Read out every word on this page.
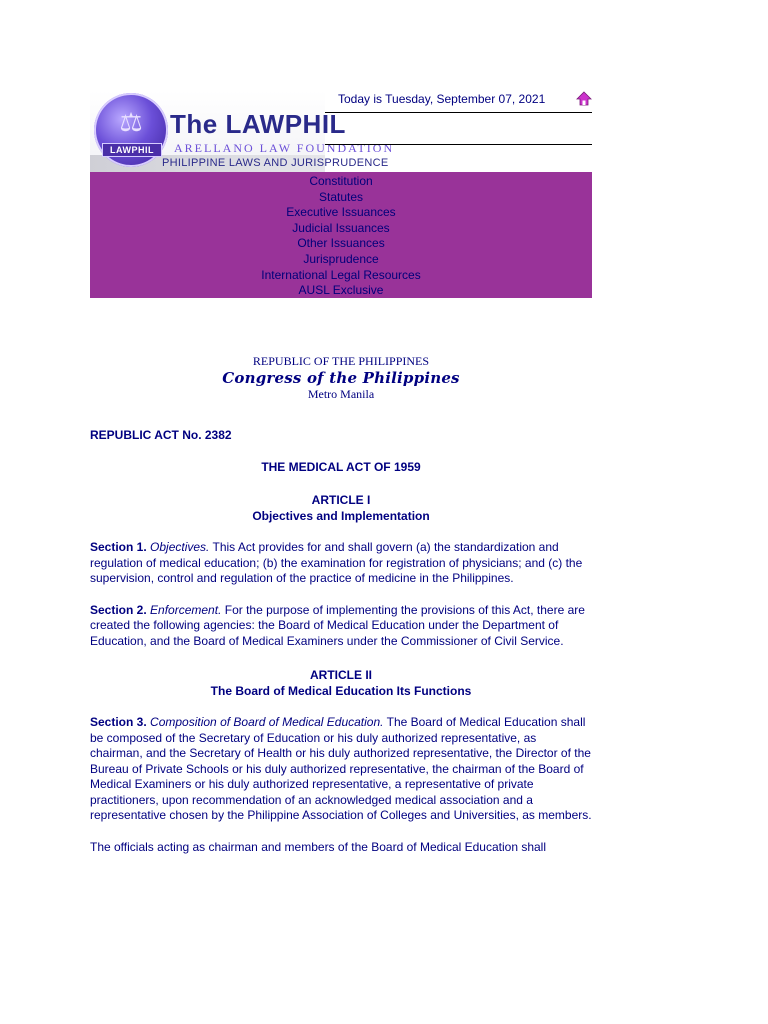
⚖
LAWPHIL
The LAWPHIL
ARELLANO LAW FOUNDATION
PHILIPPINE LAWS AND JURISPRUDENCE
Today is Tuesday, September 07, 2021
Constitution
Statutes
Executive Issuances
Judicial Issuances
Other Issuances
Jurisprudence
International Legal Resources
AUSL Exclusive
REPUBLIC OF THE PHILIPPINES
Congress of the Philippines
Metro Manila
REPUBLIC ACT No. 2382
THE MEDICAL ACT OF 1959
ARTICLE I
Objectives and Implementation

Section 1. Objectives. This Act provides for and shall govern (a) the standardization and regulation of medical education; (b) the examination for registration of physicians; and (c) the supervision, control and regulation of the practice of medicine in the Philippines.

Section 2. Enforcement. For the purpose of implementing the provisions of this Act, there are created the following agencies: the Board of Medical Education under the Department of Education, and the Board of Medical Examiners under the Commissioner of Civil Service.

ARTICLE II
The Board of Medical Education Its Functions

Section 3. Composition of Board of Medical Education. The Board of Medical Education shall be composed of the Secretary of Education or his duly authorized representative, as chairman, and the Secretary of Health or his duly authorized representative, the Director of the Bureau of Private Schools or his duly authorized representative, the chairman of the Board of Medical Examiners or his duly authorized representative, a representative of private practitioners, upon recommendation of an acknowledged medical association and a representative chosen by the Philippine Association of Colleges and Universities, as members.

The officials acting as chairman and members of the Board of Medical Education shall
